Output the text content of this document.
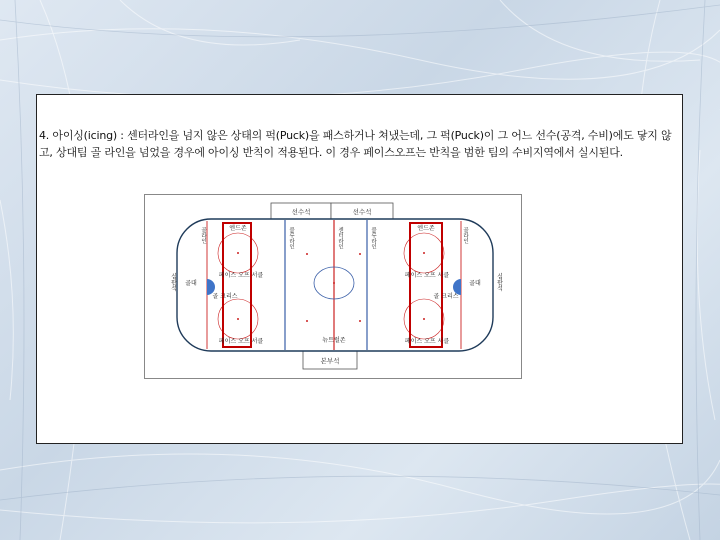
4. 아이싱(icing) : 센터라인을 넘지 않은 상태의 퍽(Puck)을 패스하거나 쳐냈는데, 그 퍽(Puck)이 그 어느 선수(공격, 수비)에도 닿지 않고, 상대팀 골 라인을 넘었을 경우에 아이싱 반칙이 적용된다. 이 경우 페이스오프는 반칙을 범한 팀의 수비지역에서 실시된다.
선수석	선수석
본부석
엔드존	엔드존
페이스 오프 서클	페이스 오프 서클
페이스 오프 서클	페이스 오프 서클
골대	골대
골 크리스	골 크리스
뉴트럴존
골라인	골라인
블루라인	블루라인
센터라인
심판석	심판석
